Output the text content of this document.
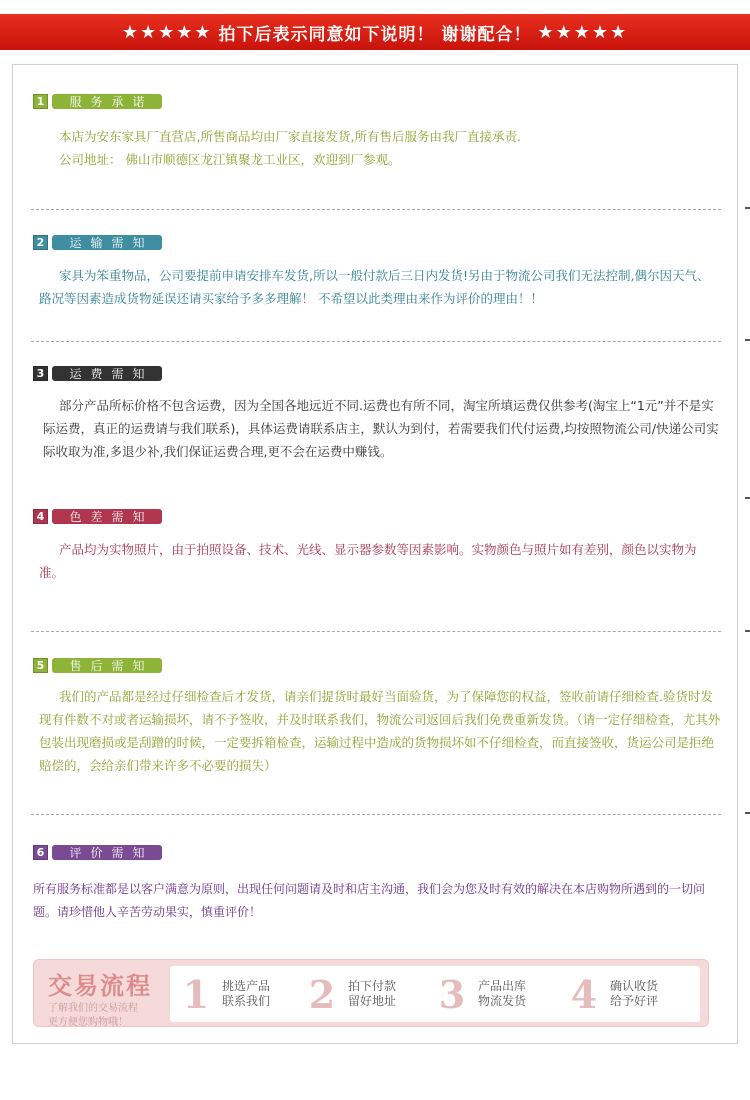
★★★★★ 拍下后表示同意如下说明！ 谢谢配合！ ★★★★★
1	服务承诺

本店为安东家具厂直营店,所售商品均由厂家直接发货,所有售后服务由我厂直接承责.

公司地址： 佛山市顺德区龙江镇聚龙工业区，欢迎到厂参观。

2	运输需知

家具为笨重物品，公司要提前申请安排车发货,所以一般付款后三日内发货!另由于物流公司我们无法控制,偶尔因天气、路况等因素造成货物延误还请买家给予多多理解！ 不希望以此类理由来作为评价的理由！！

3	运费需知

部分产品所标价格不包含运费，因为全国各地远近不同.运费也有所不同，淘宝所填运费仅供参考(淘宝上“1元”并不是实际运费，真正的运费请与我们联系)，具体运费请联系店主，默认为到付，若需要我们代付运费,均按照物流公司/快递公司实际收取为准,多退少补,我们保证运费合理,更不会在运费中赚钱。

4	色差需知

产品均为实物照片，由于拍照设备、技术、光线、显示器参数等因素影响。实物颜色与照片如有差别，颜色以实物为准。

5	售后需知

我们的产品都是经过仔细检查后才发货，请亲们提货时最好当面验货，为了保障您的权益，签收前请仔细检查.验货时发现有件数不对或者运输损坏，请不予签收，并及时联系我们，物流公司返回后我们免费重新发货。（请一定仔细检查，尤其外包装出现磨损或是刮蹭的时候，一定要拆箱检查，运输过程中造成的货物损坏如不仔细检查，而直接签收，货运公司是拒绝赔偿的，会给亲们带来许多不必要的损失）

6	评价需知

所有服务标准都是以客户满意为原则，出现任何问题请及时和店主沟通，我们会为您及时有效的解决在本店购物所遇到的一切问题。请珍惜他人辛苦劳动果实，慎重评价！

交易流程
了解我们的交易流程
更方便您购物哦！
1	挑选产品
联系我们 2	拍下付款
留好地址 3	产品出库
物流发货 4	确认收货
给予好评
